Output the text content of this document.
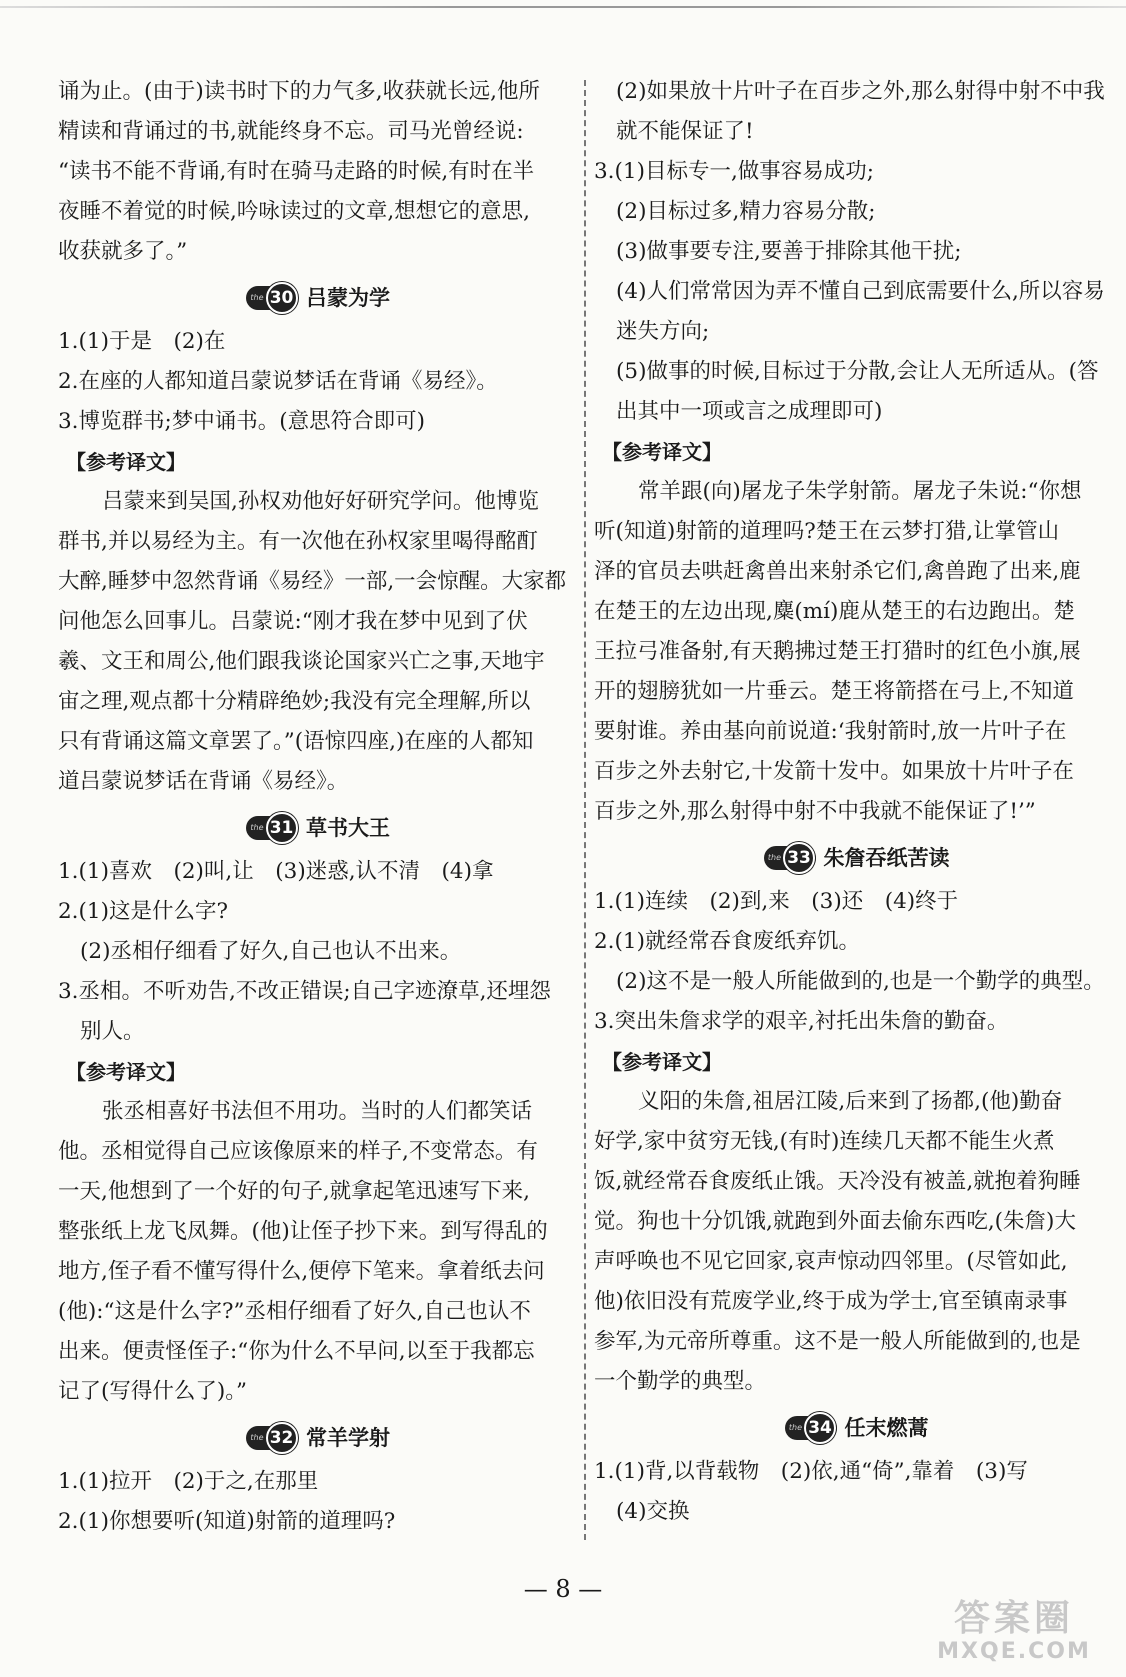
诵为止。(由于)读书时下的力气多,收获就长远,他所
精读和背诵过的书,就能终身不忘。司马光曾经说:
“读书不能不背诵,有时在骑马走路的时候,有时在半
夜睡不着觉的时候,吟咏读过的文章,想想它的意思,
收获就多了。”
the 30 吕蒙为学
1.(1)于是　(2)在
2.在座的人都知道吕蒙说梦话在背诵《易经》。
3.博览群书;梦中诵书。(意思符合即可)
【参考译文】
吕蒙来到吴国,孙权劝他好好研究学问。他博览
群书,并以易经为主。有一次他在孙权家里喝得酩酊
大醉,睡梦中忽然背诵《易经》一部,一会惊醒。大家都
问他怎么回事儿。吕蒙说:“刚才我在梦中见到了伏
羲、文王和周公,他们跟我谈论国家兴亡之事,天地宇
宙之理,观点都十分精辟绝妙;我没有完全理解,所以
只有背诵这篇文章罢了。”(语惊四座,)在座的人都知
道吕蒙说梦话在背诵《易经》。
the 31 草书大王
1.(1)喜欢　(2)叫,让　(3)迷惑,认不清　(4)拿
2.(1)这是什么字?
(2)丞相仔细看了好久,自己也认不出来。
3.丞相。不听劝告,不改正错误;自己字迹潦草,还埋怨
别人。
【参考译文】
张丞相喜好书法但不用功。当时的人们都笑话
他。丞相觉得自己应该像原来的样子,不变常态。有
一天,他想到了一个好的句子,就拿起笔迅速写下来,
整张纸上龙飞凤舞。(他)让侄子抄下来。到写得乱的
地方,侄子看不懂写得什么,便停下笔来。拿着纸去问
(他):“这是什么字?”丞相仔细看了好久,自己也认不
出来。便责怪侄子:“你为什么不早问,以至于我都忘
记了(写得什么了)。”
the 32 常羊学射
1.(1)拉开　(2)于之,在那里
2.(1)你想要听(知道)射箭的道理吗?
(2)如果放十片叶子在百步之外,那么射得中射不中我
就不能保证了!
3.(1)目标专一,做事容易成功;
(2)目标过多,精力容易分散;
(3)做事要专注,要善于排除其他干扰;
(4)人们常常因为弄不懂自己到底需要什么,所以容易
迷失方向;
(5)做事的时候,目标过于分散,会让人无所适从。(答
出其中一项或言之成理即可)
【参考译文】
常羊跟(向)屠龙子朱学射箭。屠龙子朱说:“你想
听(知道)射箭的道理吗?楚王在云梦打猎,让掌管山
泽的官员去哄赶禽兽出来射杀它们,禽兽跑了出来,鹿
在楚王的左边出现,麋(mí)鹿从楚王的右边跑出。楚
王拉弓准备射,有天鹅拂过楚王打猎时的红色小旗,展
开的翅膀犹如一片垂云。楚王将箭搭在弓上,不知道
要射谁。养由基向前说道:‘我射箭时,放一片叶子在
百步之外去射它,十发箭十发中。如果放十片叶子在
百步之外,那么射得中射不中我就不能保证了!’”
the 33 朱詹吞纸苦读
1.(1)连续　(2)到,来　(3)还　(4)终于
2.(1)就经常吞食废纸弃饥。
(2)这不是一般人所能做到的,也是一个勤学的典型。
3.突出朱詹求学的艰辛,衬托出朱詹的勤奋。
【参考译文】
义阳的朱詹,祖居江陵,后来到了扬都,(他)勤奋
好学,家中贫穷无钱,(有时)连续几天都不能生火煮
饭,就经常吞食废纸止饿。天冷没有被盖,就抱着狗睡
觉。狗也十分饥饿,就跑到外面去偷东西吃,(朱詹)大
声呼唤也不见它回家,哀声惊动四邻里。(尽管如此,
他)依旧没有荒废学业,终于成为学士,官至镇南录事
参军,为元帝所尊重。这不是一般人所能做到的,也是
一个勤学的典型。
the 34 任末燃蒿
1.(1)背,以背载物　(2)依,通“倚”,靠着　(3)写
(4)交换
— 8 —
答案圈
MXQE.COM
